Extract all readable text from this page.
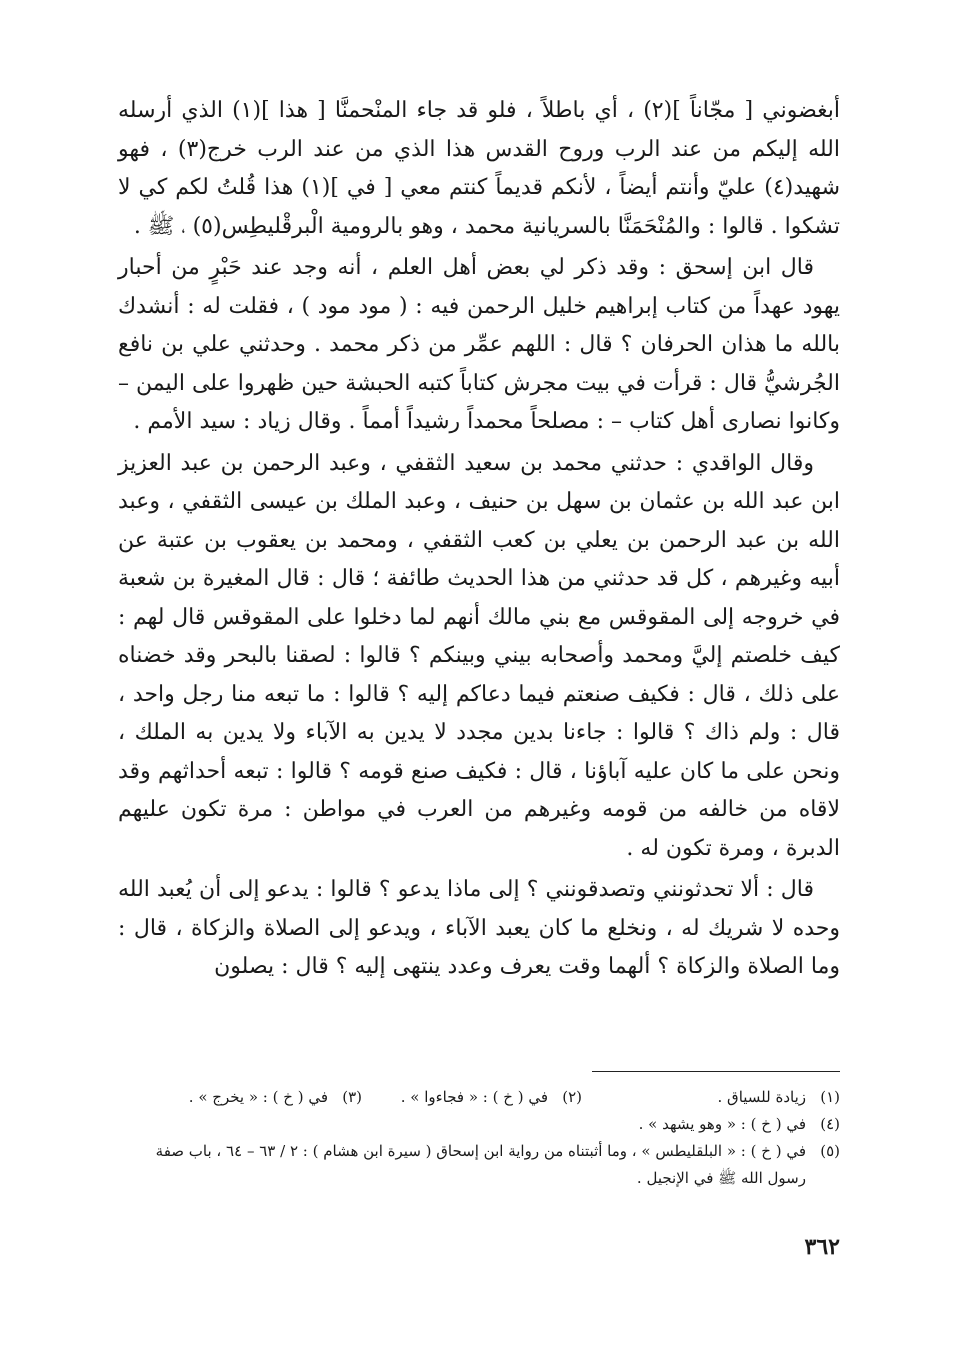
أبغضوني [ مجّاناً ](٢) ، أي باطلاً ، فلو قد جاء المنْحمنَّا [ هذا ](١) الذي أرسله الله إليكم من عند الرب وروح القدس هذا الذي من عند الرب خرج(٣) ، فهو شهيد(٤) عليّ وأنتم أيضاً ، لأنكم قديماً كنتم معي [ في ](١) هذا قُلتُ لكم كي لا تشكوا . قالوا : والمُنْحَمَنَّا بالسريانية محمد ، وهو بالرومية الْبرقْليطِس(٥) ، ﷺ .

قال ابن إسحق : وقد ذكر لي بعض أهل العلم ، أنه وجد عند حَبْرٍ من أحبار يهود عهداً من كتاب إبراهيم خليل الرحمن فيه : ( مود مود ) ، فقلت له : أنشدك بالله ما هذان الحرفان ؟ قال : اللهم عمِّر من ذكر محمد . وحدثني علي بن نافع الجُرشيُّ قال : قرأت في بيت مجرش كتاباً كتبه الحبشة حين ظهروا على اليمن – وكانوا نصارى أهل كتاب – : مصلحاً محمداً رشيداً أمماً . وقال زياد : سيد الأمم .

وقال الواقدي : حدثني محمد بن سعيد الثقفي ، وعبد الرحمن بن عبد العزيز ابن عبد الله بن عثمان بن سهل بن حنيف ، وعبد الملك بن عيسى الثقفي ، وعبد الله بن عبد الرحمن بن يعلي بن كعب الثقفي ، ومحمد بن يعقوب بن عتبة عن أبيه وغيرهم ، كل قد حدثني من هذا الحديث طائفة ؛ قال : قال المغيرة بن شعبة في خروجه إلى المقوقس مع بني مالك أنهم لما دخلوا على المقوقس قال لهم : كيف خلصتم إليَّ ومحمد وأصحابه بيني وبينكم ؟ قالوا : لصقنا بالبحر وقد خضناه على ذلك ، قال : فكيف صنعتم فيما دعاكم إليه ؟ قالوا : ما تبعه منا رجل واحد ، قال : ولم ذاك ؟ قالوا : جاءنا بدين مجدد لا يدين به الآباء ولا يدين به الملك ، ونحن على ما كان عليه آباؤنا ، قال : فكيف صنع قومه ؟ قالوا : تبعه أحداثهم وقد لاقاه من خالفه من قومه وغيرهم من العرب في مواطن : مرة تكون عليهم الدبرة ، ومرة تكون له .

قال : ألا تحدثونني وتصدقونني ؟ إلى ماذا يدعو ؟ قالوا : يدعو إلى أن يُعبد الله وحده لا شريك له ، ونخلع ما كان يعبد الآباء ، ويدعو إلى الصلاة والزكاة ، قال : وما الصلاة والزكاة ؟ ألهما وقت يعرف وعدد ينتهى إليه ؟ قال : يصلون

(١)
زيادة للسياق .
(٢)
في ( خ ) : « فجاءوا » .
(٣)
في ( خ ) : « يخرج » .
(٤)
في ( خ ) : « وهو يشهد » .
(٥)
في ( خ ) : « البلقليطس » ، وما أثبتناه من رواية ابن إسحاق ( سيرة ابن هشام ) : ٢ / ٦٣ – ٦٤ ، باب صفة رسول الله ﷺ في الإنجيل .
٣٦٢
